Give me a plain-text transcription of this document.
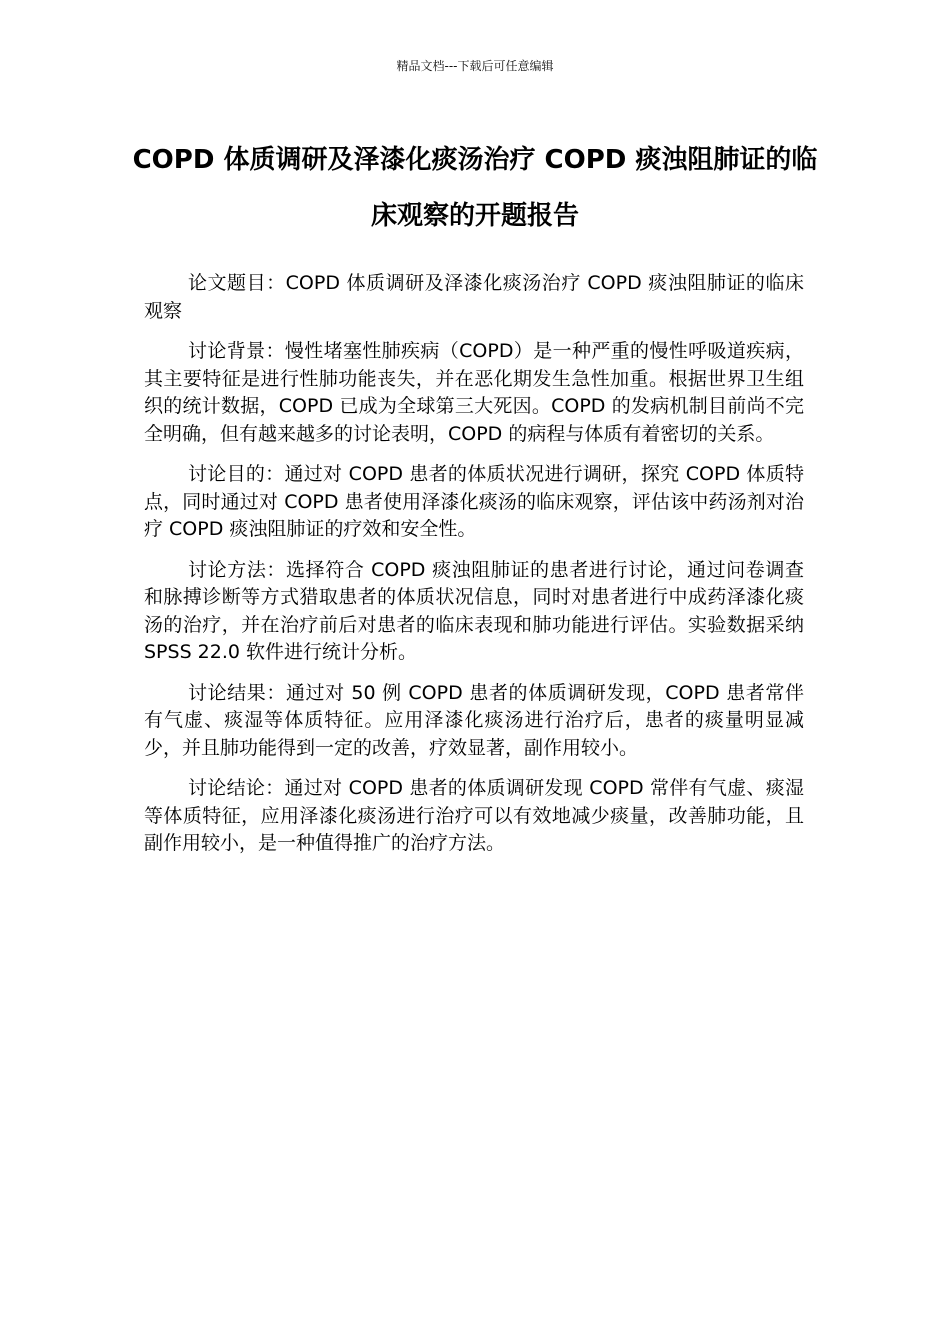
精品文档---下载后可任意编辑
COPD 体质调研及泽漆化痰汤治疗 COPD 痰浊阻肺证的临床观察的开题报告

论文题目：COPD 体质调研及泽漆化痰汤治疗 COPD 痰浊阻肺证的临床观察

讨论背景：慢性堵塞性肺疾病（COPD）是一种严重的慢性呼吸道疾病，其主要特征是进行性肺功能丧失，并在恶化期发生急性加重。根据世界卫生组织的统计数据，COPD 已成为全球第三大死因。COPD 的发病机制目前尚不完全明确，但有越来越多的讨论表明，COPD 的病程与体质有着密切的关系。

讨论目的：通过对 COPD 患者的体质状况进行调研，探究 COPD 体质特点，同时通过对 COPD 患者使用泽漆化痰汤的临床观察，评估该中药汤剂对治疗 COPD 痰浊阻肺证的疗效和安全性。

讨论方法：选择符合 COPD 痰浊阻肺证的患者进行讨论，通过问卷调查和脉搏诊断等方式猎取患者的体质状况信息，同时对患者进行中成药泽漆化痰汤的治疗，并在治疗前后对患者的临床表现和肺功能进行评估。实验数据采纳 SPSS 22.0 软件进行统计分析。

讨论结果：通过对 50 例 COPD 患者的体质调研发现，COPD 患者常伴有气虚、痰湿等体质特征。应用泽漆化痰汤进行治疗后，患者的痰量明显减少，并且肺功能得到一定的改善，疗效显著，副作用较小。

讨论结论：通过对 COPD 患者的体质调研发现 COPD 常伴有气虚、痰湿等体质特征，应用泽漆化痰汤进行治疗可以有效地减少痰量，改善肺功能，且副作用较小，是一种值得推广的治疗方法。
